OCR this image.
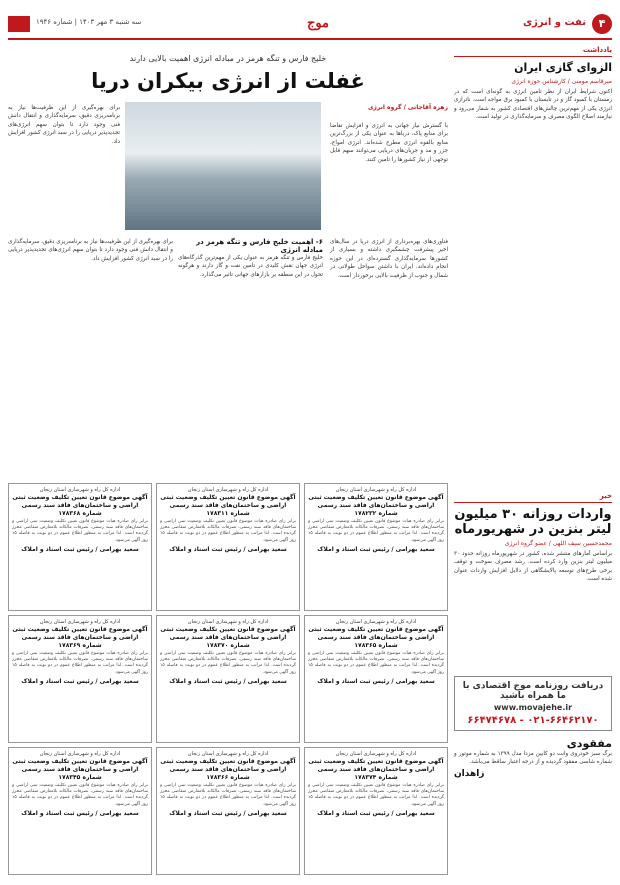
سه شنبه ۳ مهر ۱۴۰۳ | شماره ۱۹۴۶	موج	نفت و انرژی	۴
خلیج فارس و تنگه هرمز در مبادله انرژی اهمیت بالایی دارند
غفلت از انرژی بیکران دریا
زهره آقاجانی / گروه انرژی
با گسترش نیاز جهانی به انرژی و افزایش تقاضا برای منابع پاک، دریاها به عنوان یکی از بزرگ‌ترین منابع بالقوه انرژی مطرح شده‌اند. انرژی امواج، جزر و مد و جریان‌های دریایی می‌توانند سهم قابل توجهی از نیاز کشورها را تامین کنند.
برای بهره‌گیری از این ظرفیت‌ها نیاز به برنامه‌ریزی دقیق، سرمایه‌گذاری و انتقال دانش فنی وجود دارد تا بتوان سهم انرژی‌های تجدیدپذیر دریایی را در سبد انرژی کشور افزایش داد.
فناوری‌های بهره‌برداری از انرژی دریا در سال‌های اخیر پیشرفت چشمگیری داشته و بسیاری از کشورها سرمایه‌گذاری گسترده‌ای در این حوزه انجام داده‌اند. ایران با داشتن سواحل طولانی در شمال و جنوب از ظرفیت بالایی برخوردار است.
۶- اهمیت خلیج فارس و تنگه هرمز در مبادله انرژی
خلیج فارس و تنگه هرمز به عنوان یکی از مهم‌ترین گذرگاه‌های انرژی جهان نقش کلیدی در تامین نفت و گاز دارند و هرگونه تحول در این منطقه بر بازارهای جهانی تاثیر می‌گذارد.
برای بهره‌گیری از این ظرفیت‌ها نیاز به برنامه‌ریزی دقیق، سرمایه‌گذاری و انتقال دانش فنی وجود دارد تا بتوان سهم انرژی‌های تجدیدپذیر دریایی را در سبد انرژی کشور افزایش داد.
یادداشت
الزوای گازی ایران
میرقاسم مومنی / کارشناس حوزه انرژی
اکنون شرایط ایران از نظر تامین انرژی به گونه‌ای است که در زمستان با کمبود گاز و در تابستان با کمبود برق مواجه است. ناترازی انرژی یکی از مهم‌ترین چالش‌های اقتصادی کشور به شمار می‌رود و نیازمند اصلاح الگوی مصرف و سرمایه‌گذاری در تولید است.
خبر
واردات روزانه ۳۰ میلیون لیتر بنزین در شهریورماه
محمدحسین سیف اللهی / عضو گروه انرژی
براساس آمارهای منتشر شده، کشور در شهریورماه روزانه حدود ۳۰ میلیون لیتر بنزین وارد کرده است. رشد مصرف سوخت و توقف برخی طرح‌های توسعه پالایشگاهی از دلایل افزایش واردات عنوان شده است.
دریافت روزنامه موج اقتصادی با ما همراه باشید
www.movajehe.ir
۰۲۱-۶۶۴۶۲۱۷۰ - ۶۶۴۷۴۶۷۸
مفقودی
برگ سبز خودروی وانت دو کابین مزدا مدل ۱۳۹۹ به شماره موتور و شماره شاسی مفقود گردیده و از درجه اعتبار ساقط می‌باشد.
زاهدان
اداره کل راه و شهرسازی استان زنجان
آگهی موضوع قانون تعیین تکلیف وضعیت ثبتی اراضی و ساختمان‌های فاقد سند رسمی
شماره ۱۷۸۲۳۲
برابر رای صادره هیات موضوع قانون تعیین تکلیف وضعیت ثبتی اراضی و ساختمان‌های فاقد سند رسمی، تصرفات مالکانه بلامعارض متقاضی محرز گردیده است. لذا مراتب به منظور اطلاع عموم در دو نوبت به فاصله ۱۵ روز آگهی می‌شود.
سعید بهرامی / رئیس ثبت اسناد و املاک
اداره کل راه و شهرسازی استان زنجان
آگهی موضوع قانون تعیین تکلیف وضعیت ثبتی اراضی و ساختمان‌های فاقد سند رسمی
شماره ۱۷۸۳۱۱
برابر رای صادره هیات موضوع قانون تعیین تکلیف وضعیت ثبتی اراضی و ساختمان‌های فاقد سند رسمی، تصرفات مالکانه بلامعارض متقاضی محرز گردیده است. لذا مراتب به منظور اطلاع عموم در دو نوبت به فاصله ۱۵ روز آگهی می‌شود.
سعید بهرامی / رئیس ثبت اسناد و املاک
اداره کل راه و شهرسازی استان زنجان
آگهی موضوع قانون تعیین تکلیف وضعیت ثبتی اراضی و ساختمان‌های فاقد سند رسمی
شماره ۱۷۸۳۶۸
برابر رای صادره هیات موضوع قانون تعیین تکلیف وضعیت ثبتی اراضی و ساختمان‌های فاقد سند رسمی، تصرفات مالکانه بلامعارض متقاضی محرز گردیده است. لذا مراتب به منظور اطلاع عموم در دو نوبت به فاصله ۱۵ روز آگهی می‌شود.
سعید بهرامی / رئیس ثبت اسناد و املاک
اداره کل راه و شهرسازی استان زنجان
آگهی موضوع قانون تعیین تکلیف وضعیت ثبتی اراضی و ساختمان‌های فاقد سند رسمی
شماره ۱۷۸۳۶۵
برابر رای صادره هیات موضوع قانون تعیین تکلیف وضعیت ثبتی اراضی و ساختمان‌های فاقد سند رسمی، تصرفات مالکانه بلامعارض متقاضی محرز گردیده است. لذا مراتب به منظور اطلاع عموم در دو نوبت به فاصله ۱۵ روز آگهی می‌شود.
سعید بهرامی / رئیس ثبت اسناد و املاک
اداره کل راه و شهرسازی استان زنجان
آگهی موضوع قانون تعیین تکلیف وضعیت ثبتی اراضی و ساختمان‌های فاقد سند رسمی
شماره ۱۷۸۳۷۰
برابر رای صادره هیات موضوع قانون تعیین تکلیف وضعیت ثبتی اراضی و ساختمان‌های فاقد سند رسمی، تصرفات مالکانه بلامعارض متقاضی محرز گردیده است. لذا مراتب به منظور اطلاع عموم در دو نوبت به فاصله ۱۵ روز آگهی می‌شود.
سعید بهرامی / رئیس ثبت اسناد و املاک
اداره کل راه و شهرسازی استان زنجان
آگهی موضوع قانون تعیین تکلیف وضعیت ثبتی اراضی و ساختمان‌های فاقد سند رسمی
شماره ۱۷۸۳۶۹
برابر رای صادره هیات موضوع قانون تعیین تکلیف وضعیت ثبتی اراضی و ساختمان‌های فاقد سند رسمی، تصرفات مالکانه بلامعارض متقاضی محرز گردیده است. لذا مراتب به منظور اطلاع عموم در دو نوبت به فاصله ۱۵ روز آگهی می‌شود.
سعید بهرامی / رئیس ثبت اسناد و املاک
اداره کل راه و شهرسازی استان زنجان
آگهی موضوع قانون تعیین تکلیف وضعیت ثبتی اراضی و ساختمان‌های فاقد سند رسمی
شماره ۱۷۸۳۷۴
برابر رای صادره هیات موضوع قانون تعیین تکلیف وضعیت ثبتی اراضی و ساختمان‌های فاقد سند رسمی، تصرفات مالکانه بلامعارض متقاضی محرز گردیده است. لذا مراتب به منظور اطلاع عموم در دو نوبت به فاصله ۱۵ روز آگهی می‌شود.
سعید بهرامی / رئیس ثبت اسناد و املاک
اداره کل راه و شهرسازی استان زنجان
آگهی موضوع قانون تعیین تکلیف وضعیت ثبتی اراضی و ساختمان‌های فاقد سند رسمی
شماره ۱۷۸۳۶۶
برابر رای صادره هیات موضوع قانون تعیین تکلیف وضعیت ثبتی اراضی و ساختمان‌های فاقد سند رسمی، تصرفات مالکانه بلامعارض متقاضی محرز گردیده است. لذا مراتب به منظور اطلاع عموم در دو نوبت به فاصله ۱۵ روز آگهی می‌شود.
سعید بهرامی / رئیس ثبت اسناد و املاک
اداره کل راه و شهرسازی استان زنجان
آگهی موضوع قانون تعیین تکلیف وضعیت ثبتی اراضی و ساختمان‌های فاقد سند رسمی
شماره ۱۷۸۳۴۵
برابر رای صادره هیات موضوع قانون تعیین تکلیف وضعیت ثبتی اراضی و ساختمان‌های فاقد سند رسمی، تصرفات مالکانه بلامعارض متقاضی محرز گردیده است. لذا مراتب به منظور اطلاع عموم در دو نوبت به فاصله ۱۵ روز آگهی می‌شود.
سعید بهرامی / رئیس ثبت اسناد و املاک
